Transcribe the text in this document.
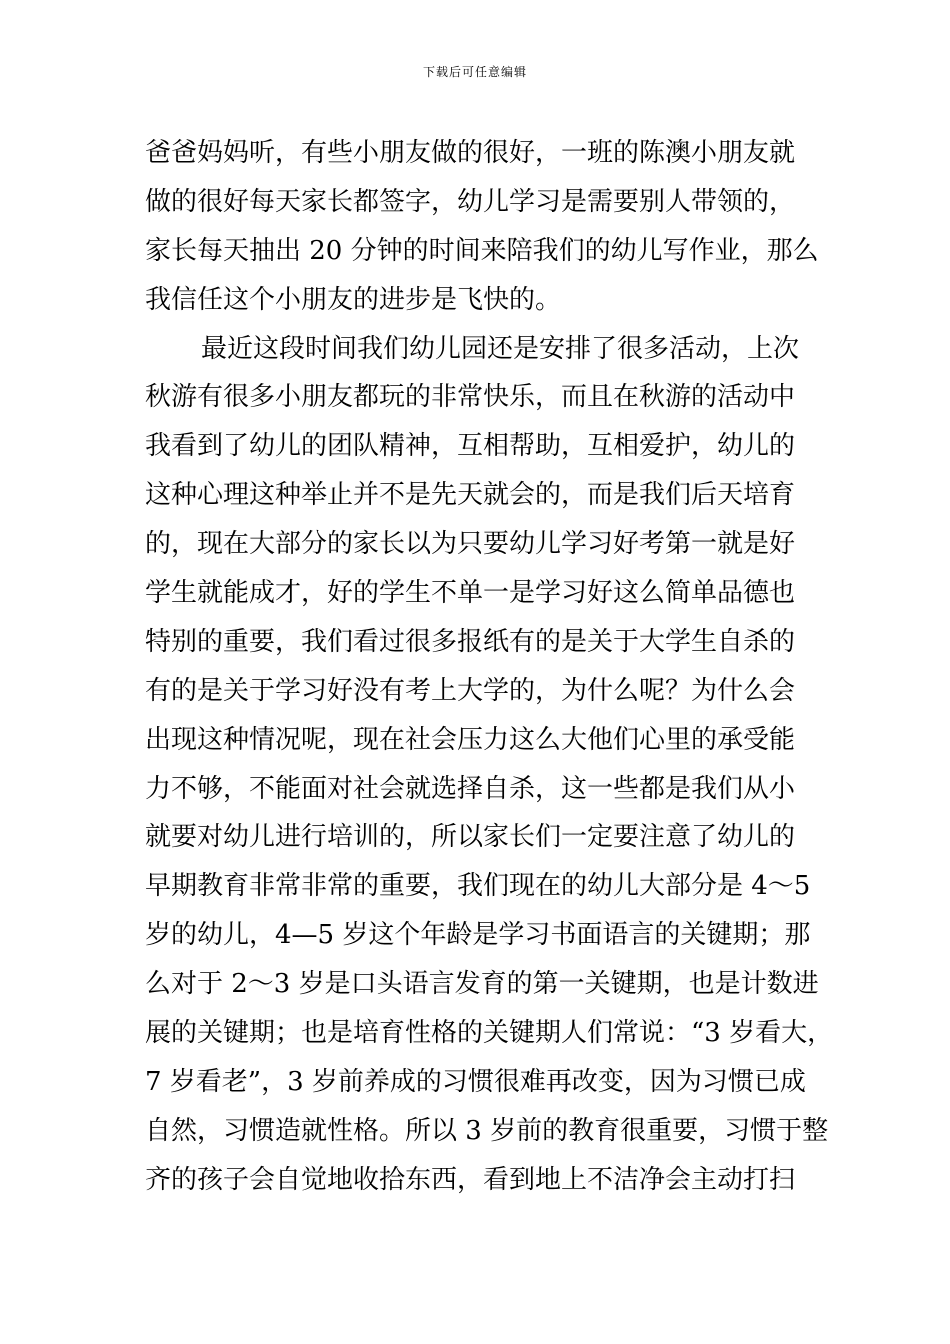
下载后可任意编辑
爸爸妈妈听，有些小朋友做的很好，一班的陈澳小朋友就
做的很好每天家长都签字，幼儿学习是需要别人带领的，
家长每天抽出 20 分钟的时间来陪我们的幼儿写作业，那么
我信任这个小朋友的进步是飞快的。
最近这段时间我们幼儿园还是安排了很多活动，上次
秋游有很多小朋友都玩的非常快乐，而且在秋游的活动中
我看到了幼儿的团队精神，互相帮助，互相爱护，幼儿的
这种心理这种举止并不是先天就会的，而是我们后天培育
的，现在大部分的家长以为只要幼儿学习好考第一就是好
学生就能成才，好的学生不单一是学习好这么简单品德也
特别的重要，我们看过很多报纸有的是关于大学生自杀的
有的是关于学习好没有考上大学的，为什么呢？为什么会
出现这种情况呢，现在社会压力这么大他们心里的承受能
力不够，不能面对社会就选择自杀，这一些都是我们从小
就要对幼儿进行培训的，所以家长们一定要注意了幼儿的
早期教育非常非常的重要，我们现在的幼儿大部分是 4～5
岁的幼儿，4—5 岁这个年龄是学习书面语言的关键期；那
么对于 2～3 岁是口头语言发育的第一关键期，也是计数进
展的关键期；也是培育性格的关键期人们常说：“3 岁看大，
7 岁看老”，3 岁前养成的习惯很难再改变，因为习惯已成
自然，习惯造就性格。所以 3 岁前的教育很重要，习惯于整
齐的孩子会自觉地收拾东西，看到地上不洁净会主动打扫
